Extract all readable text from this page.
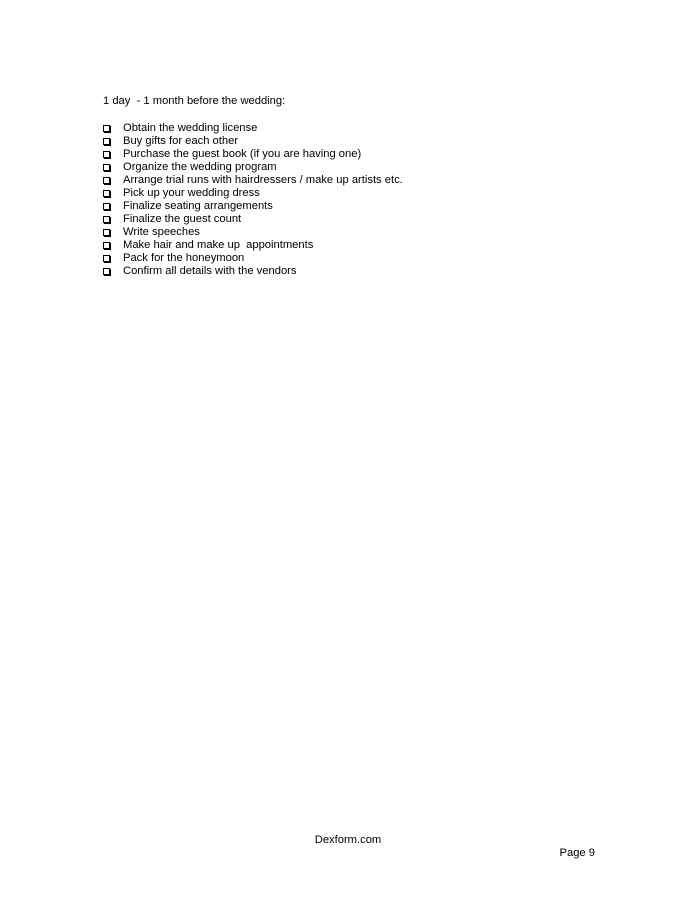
1 day  - 1 month before the wedding:
Obtain the wedding license
Buy gifts for each other
Purchase the guest book (if you are having one)
Organize the wedding program
Arrange trial runs with hairdressers / make up artists etc.
Pick up your wedding dress
Finalize seating arrangements
Finalize the guest count
Write speeches
Make hair and make up  appointments
Pack for the honeymoon
Confirm all details with the vendors
Dexform.com
Page 9
